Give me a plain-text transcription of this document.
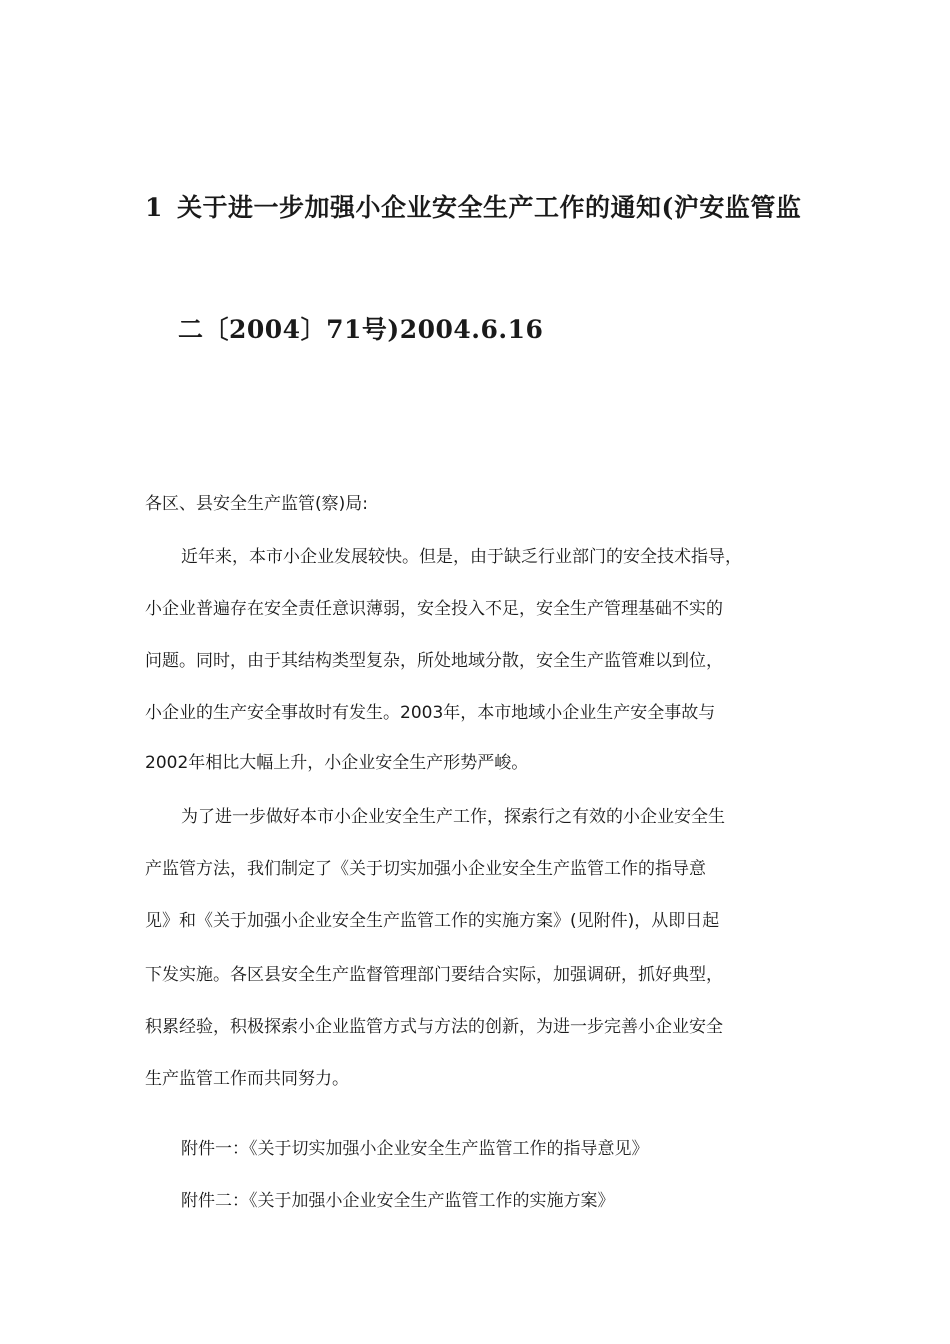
1 关于进一步加强小企业安全生产工作的通知(沪安监管监
二〔2004〕71号)2004.6.16
各区、县安全生产监管(察)局:
近年来，本市小企业发展较快。但是，由于缺乏行业部门的安全技术指导，
小企业普遍存在安全责任意识薄弱，安全投入不足，安全生产管理基础不实的
问题。同时，由于其结构类型复杂，所处地域分散，安全生产监管难以到位，
小企业的生产安全事故时有发生。2003年，本市地域小企业生产安全事故与
2002年相比大幅上升，小企业安全生产形势严峻。
为了进一步做好本市小企业安全生产工作，探索行之有效的小企业安全生
产监管方法，我们制定了《关于切实加强小企业安全生产监管工作的指导意
见》和《关于加强小企业安全生产监管工作的实施方案》(见附件)，从即日起
下发实施。各区县安全生产监督管理部门要结合实际，加强调研，抓好典型，
积累经验，积极探索小企业监管方式与方法的创新，为进一步完善小企业安全
生产监管工作而共同努力。
附件一：《关于切实加强小企业安全生产监管工作的指导意见》
附件二：《关于加强小企业安全生产监管工作的实施方案》
